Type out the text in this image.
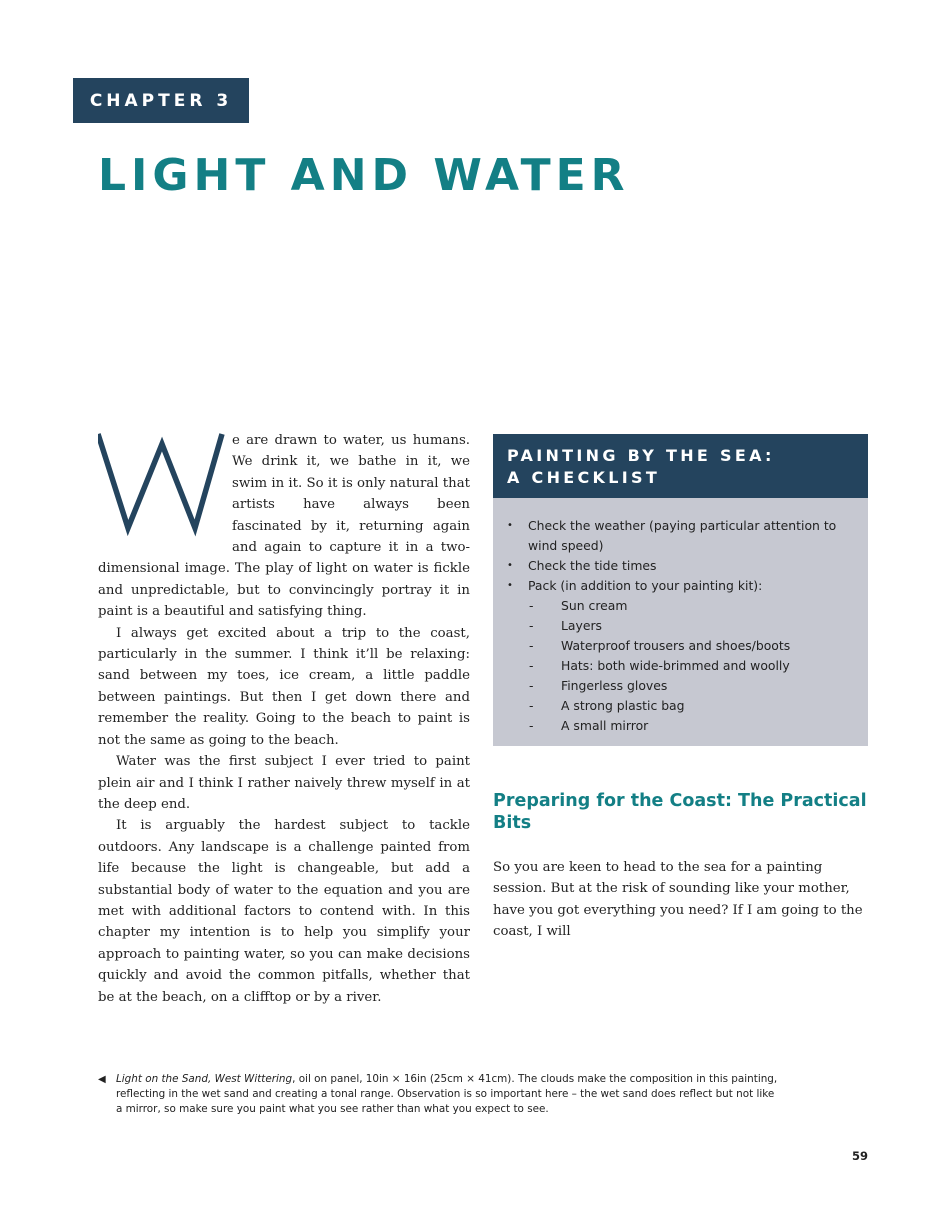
CHAPTER 3
LIGHT AND WATER

e are drawn to water, us humans. We drink it, we bathe in it, we swim in it. So it is only natural that artists have always been fascinated by it, returning again and again to capture it in a two-dimensional image. The play of light on water is fickle and unpredictable, but to convincingly portray it in paint is a beautiful and satisfying thing.

I always get excited about a trip to the coast, particularly in the summer. I think it’ll be relaxing: sand between my toes, ice cream, a little paddle between paintings. But then I get down there and remember the reality. Going to the beach to paint is not the same as going to the beach.

Water was the first subject I ever tried to paint plein air and I think I rather naively threw myself in at the deep end.

It is arguably the hardest subject to tackle outdoors. Any landscape is a challenge painted from life because the light is changeable, but add a substantial body of water to the equation and you are met with additional factors to contend with. In this chapter my intention is to help you simplify your approach to painting water, so you can make decisions quickly and avoid the common pitfalls, whether that be at the beach, on a clifftop or by a river.

PAINTING BY THE SEA:
A CHECKLIST
• Check the weather (paying particular attention to wind speed)
• Check the tide times
• Pack (in addition to your painting kit):
- Sun cream
- Layers
- Waterproof trousers and shoes/boots
- Hats: both wide-brimmed and woolly
- Fingerless gloves
- A strong plastic bag
- A small mirror
Preparing for the Coast: The Practical Bits

So you are keen to head to the sea for a painting session. But at the risk of sounding like your mother, have you got everything you need? If I am going to the coast, I will

◀ Light on the Sand, West Wittering, oil on panel, 10in × 16in (25cm × 41cm). The clouds make the composition in this painting, reflecting in the wet sand and creating a tonal range. Observation is so important here – the wet sand does reflect but not like a mirror, so make sure you paint what you see rather than what you expect to see.
59
